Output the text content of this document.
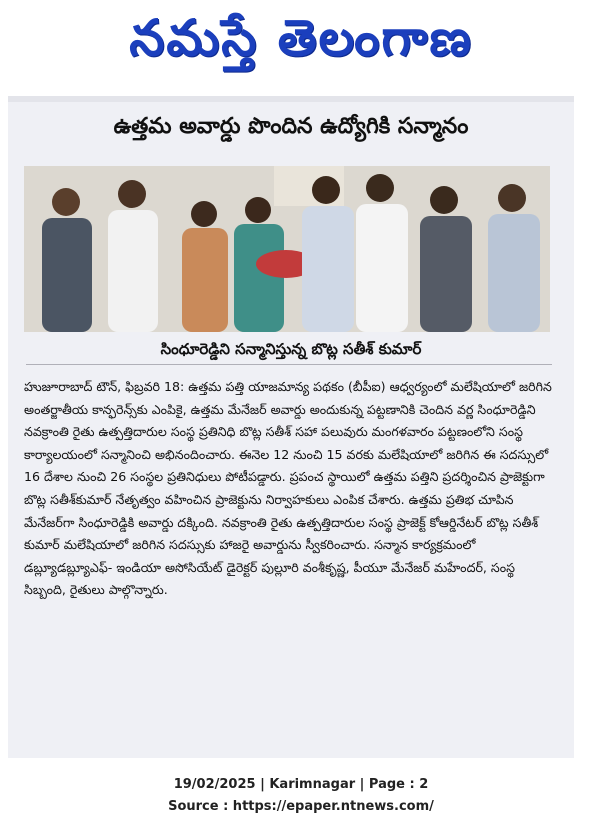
నమస్తే తెలంగాణ
ఉత్తమ అవార్డు పొందిన ఉద్యోగికి సన్మానం
సింధూరెడ్డిని సన్మానిస్తున్న బొట్ల సతీశ్‌ కుమార్‌

హుజూరాబాద్‌ టౌన్‌, ఫిబ్రవరి 18: ఉత్తమ పత్తి యాజమాన్య పథకం (బీపీఐ) ఆధ్వర్యంలో మలేషియాలో జరిగిన అంతర్జాతీయ కాన్ఫరెన్స్‌కు ఎంపికై, ఉత్తమ మేనేజర్‌ అవార్డు అందుకున్న పట్టణానికి చెందిన వర్ణ సింధూరెడ్డిని నవక్రాంతి రైతు ఉత్పత్తిదారుల సంస్థ ప్రతినిధి బొట్ల సతీశ్‌ సహా పలువురు మంగళవారం పట్టణంలోని సంస్థ కార్యాలయంలో సన్మానించి అభినందించారు. ఈనెల 12 నుంచి 15 వరకు మలేషియాలో జరిగిన ఈ సదస్సులో 16 దేశాల నుంచి 26 సంస్థల ప్రతినిధులు పోటీపడ్డారు. ప్రపంచ స్థాయిలో ఉత్తమ పత్తిని ప్రదర్శించిన ప్రాజెక్టుగా బొట్ల సతీశ్‌కుమార్‌ నేతృత్వం వహించిన ప్రాజెక్టును నిర్వాహకులు ఎంపిక చేశారు. ఉత్తమ ప్రతిభ చూపిన మేనేజర్‌గా సింధూరెడ్డికి అవార్డు దక్కింది. నవక్రాంతి రైతు ఉత్పత్తిదారుల సంస్థ ప్రాజెక్ట్‌ కోఆర్డినేటర్‌ బొట్ల సతీశ్‌ కుమార్‌ మలేషియాలో జరిగిన సదస్సుకు హాజరై అవార్డును స్వీకరించారు. సన్మాన కార్యక్రమంలో డబ్ల్యూడబ్ల్యూఎఫ్‌- ఇండియా అసోసియేట్‌ డైరెక్టర్‌ పుల్లూరి వంశీకృష్ణ, పీయూ మేనేజర్‌ మహేందర్‌, సంస్థ సిబ్బంది, రైతులు పాల్గొన్నారు.

19/02/2025 | Karimnagar | Page : 2
Source : https://epaper.ntnews.com/
